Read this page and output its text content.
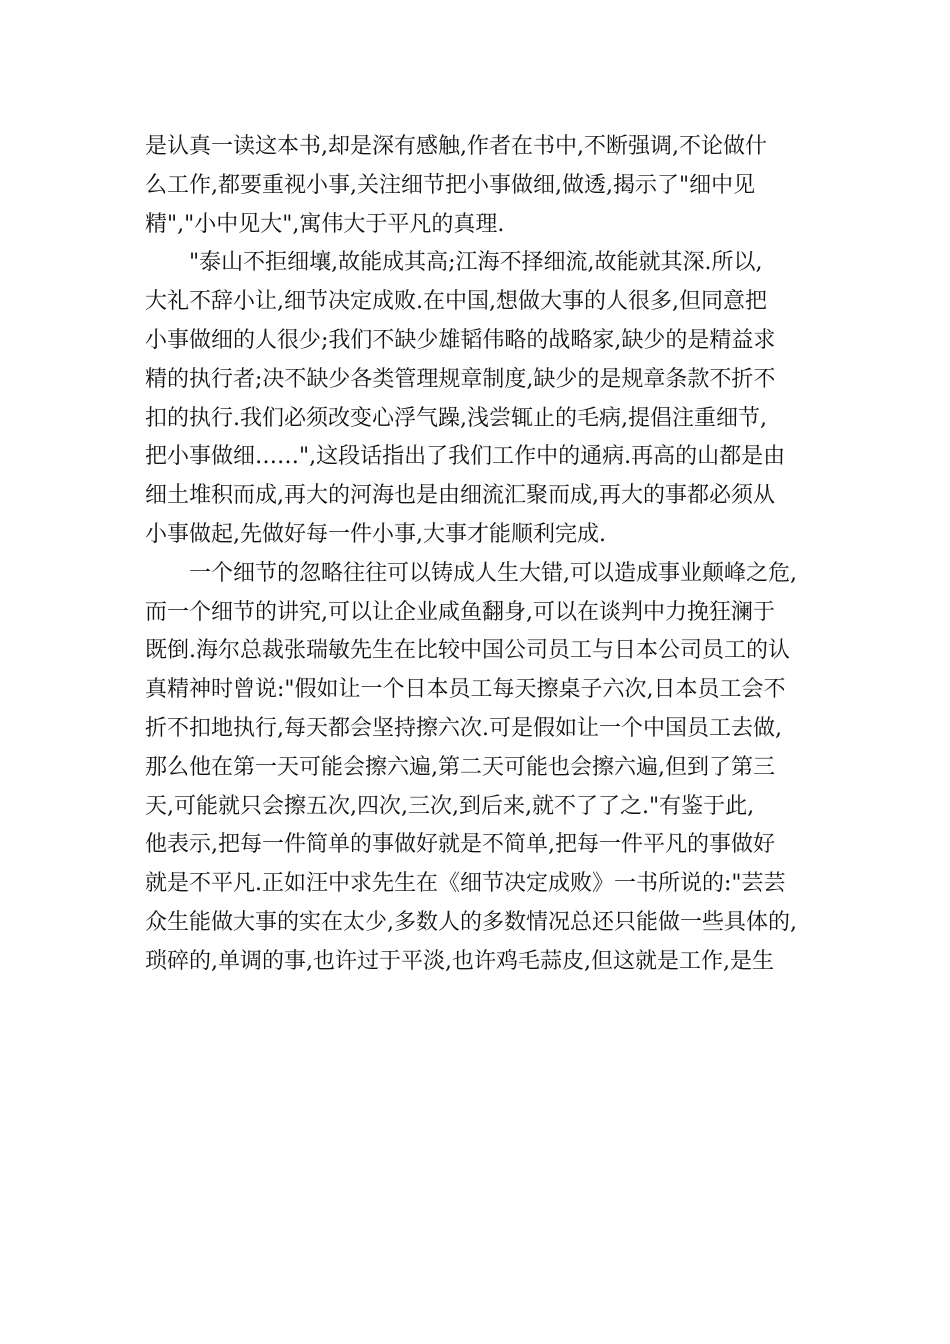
是认真一读这本书,却是深有感触,作者在书中,不断强调,不论做什
么工作,都要重视小事,关注细节把小事做细,做透,揭示了"细中见
精","小中见大",寓伟大于平凡的真理.
　　"泰山不拒细壤,故能成其高;江海不择细流,故能就其深.所以,
大礼不辞小让,细节决定成败.在中国,想做大事的人很多,但同意把
小事做细的人很少;我们不缺少雄韬伟略的战略家,缺少的是精益求
精的执行者;决不缺少各类管理规章制度,缺少的是规章条款不折不
扣的执行.我们必须改变心浮气躁,浅尝辄止的毛病,提倡注重细节,
把小事做细……",这段话指出了我们工作中的通病.再高的山都是由
细土堆积而成,再大的河海也是由细流汇聚而成,再大的事都必须从
小事做起,先做好每一件小事,大事才能顺利完成.
　　一个细节的忽略往往可以铸成人生大错,可以造成事业颠峰之危,
而一个细节的讲究,可以让企业咸鱼翻身,可以在谈判中力挽狂澜于
既倒.海尔总裁张瑞敏先生在比较中国公司员工与日本公司员工的认
真精神时曾说:"假如让一个日本员工每天擦桌子六次,日本员工会不
折不扣地执行,每天都会坚持擦六次.可是假如让一个中国员工去做,
那么他在第一天可能会擦六遍,第二天可能也会擦六遍,但到了第三
天,可能就只会擦五次,四次,三次,到后来,就不了了之."有鉴于此,
他表示,把每一件简单的事做好就是不简单,把每一件平凡的事做好
就是不平凡.正如汪中求先生在《细节决定成败》一书所说的:"芸芸
众生能做大事的实在太少,多数人的多数情况总还只能做一些具体的,
琐碎的,单调的事,也许过于平淡,也许鸡毛蒜皮,但这就是工作,是生
